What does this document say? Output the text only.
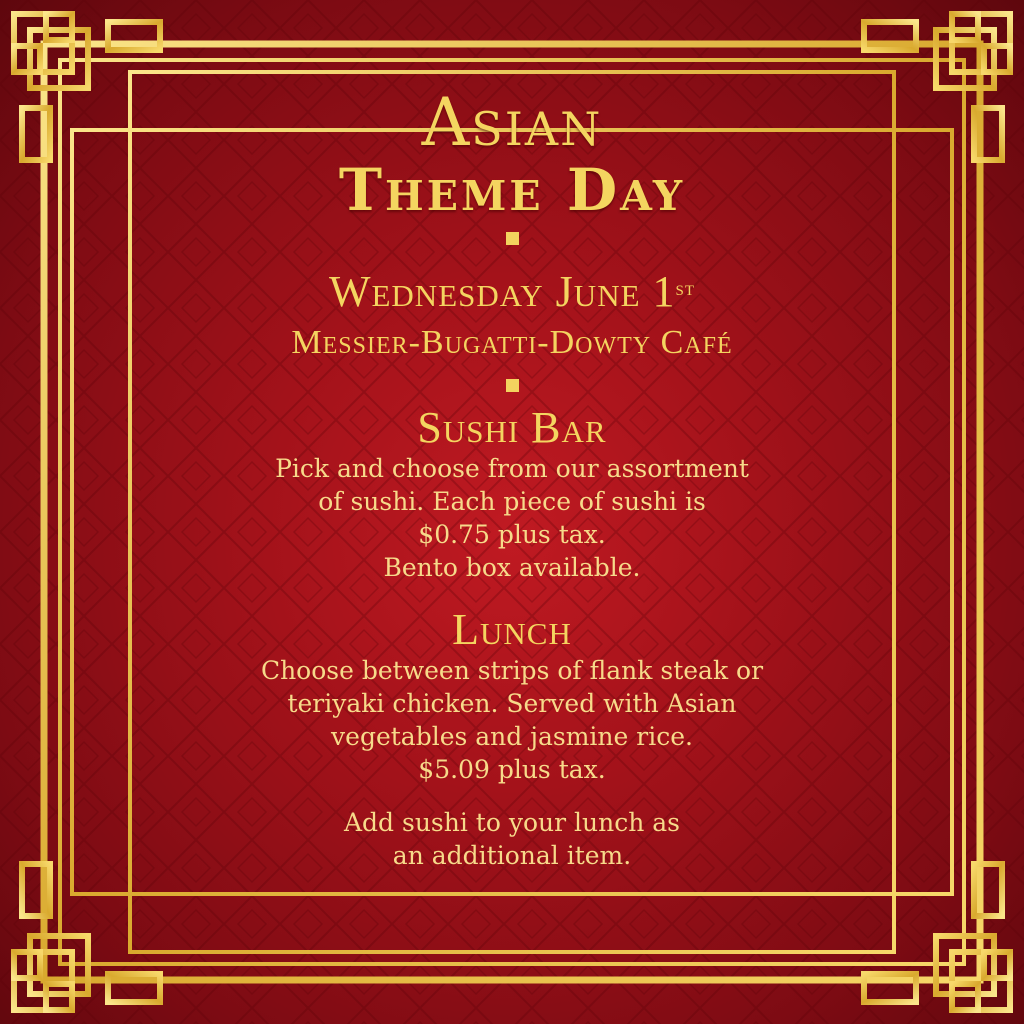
Asian
Theme Day
Wednesday June 1st
Messier-Bugatti-Dowty Café
Sushi Bar
Pick and choose from our assortment
of sushi. Each piece of sushi is
$0.75 plus tax.
Bento box available.
Lunch
Choose between strips of flank steak or
teriyaki chicken. Served with Asian
vegetables and jasmine rice.
$5.09 plus tax.
Add sushi to your lunch as
an additional item.
